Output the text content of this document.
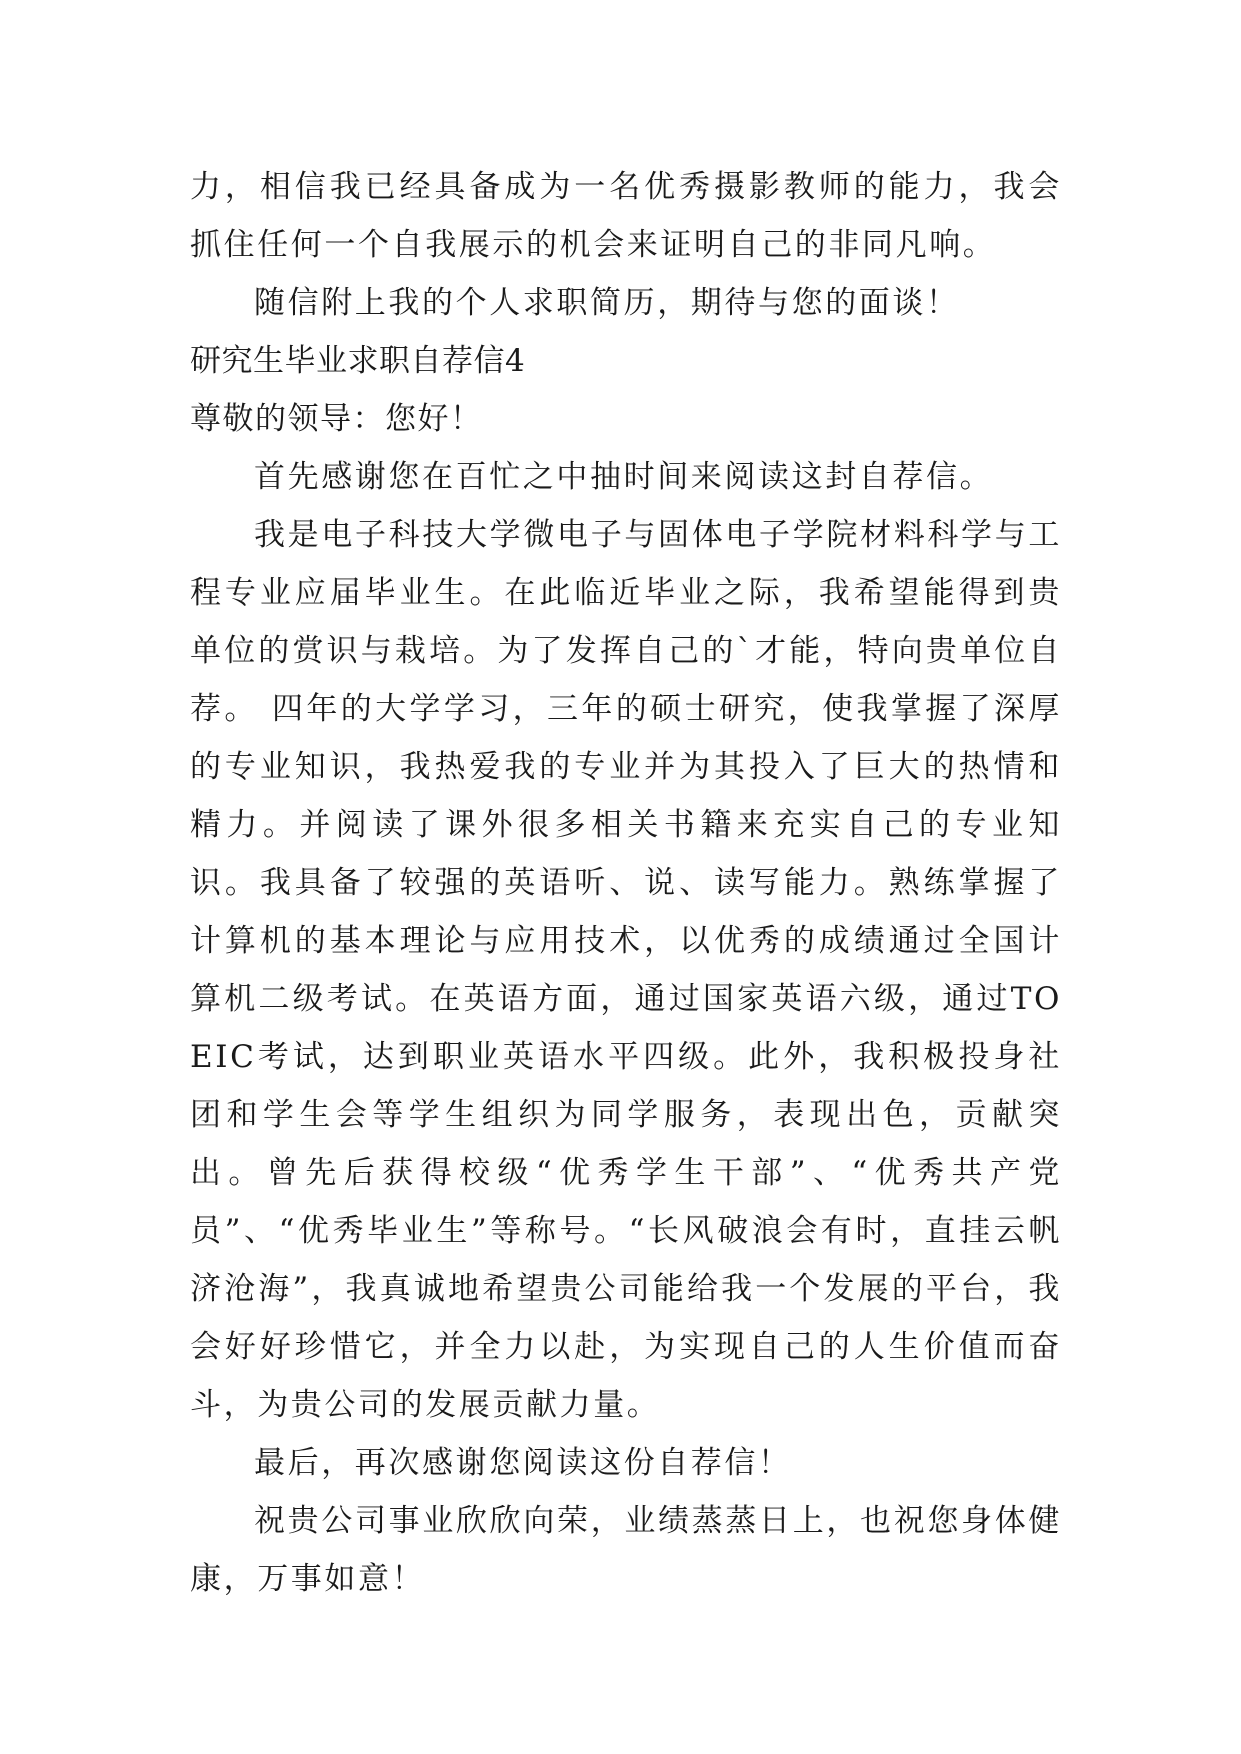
力，相信我已经具备成为一名优秀摄影教师的能力，我会抓住任何一个自我展示的机会来证明自己的非同凡响。

随信附上我的个人求职简历，期待与您的面谈！

研究生毕业求职自荐信4

尊敬的领导：您好！

首先感谢您在百忙之中抽时间来阅读这封自荐信。

我是电子科技大学微电子与固体电子学院材料科学与工程专业应届毕业生。在此临近毕业之际，我希望能得到贵单位的赏识与栽培。为了发挥自己的`才能，特向贵单位自荐。 四年的大学学习，三年的硕士研究，使我掌握了深厚的专业知识，我热爱我的专业并为其投入了巨大的热情和精力。并阅读了课外很多相关书籍来充实自己的专业知识。我具备了较强的英语听、说、读写能力。熟练掌握了计算机的基本理论与应用技术，以优秀的成绩通过全国计算机二级考试。在英语方面，通过国家英语六级，通过TOEIC考试，达到职业英语水平四级。此外，我积极投身社团和学生会等学生组织为同学服务，表现出色，贡献突出。曾先后获得校级“优秀学生干部”、“优秀共产党员”、“优秀毕业生”等称号。“长风破浪会有时，直挂云帆济沧海”，我真诚地希望贵公司能给我一个发展的平台，我会好好珍惜它，并全力以赴，为实现自己的人生价值而奋斗，为贵公司的发展贡献力量。

最后，再次感谢您阅读这份自荐信！

祝贵公司事业欣欣向荣，业绩蒸蒸日上，也祝您身体健康，万事如意！
